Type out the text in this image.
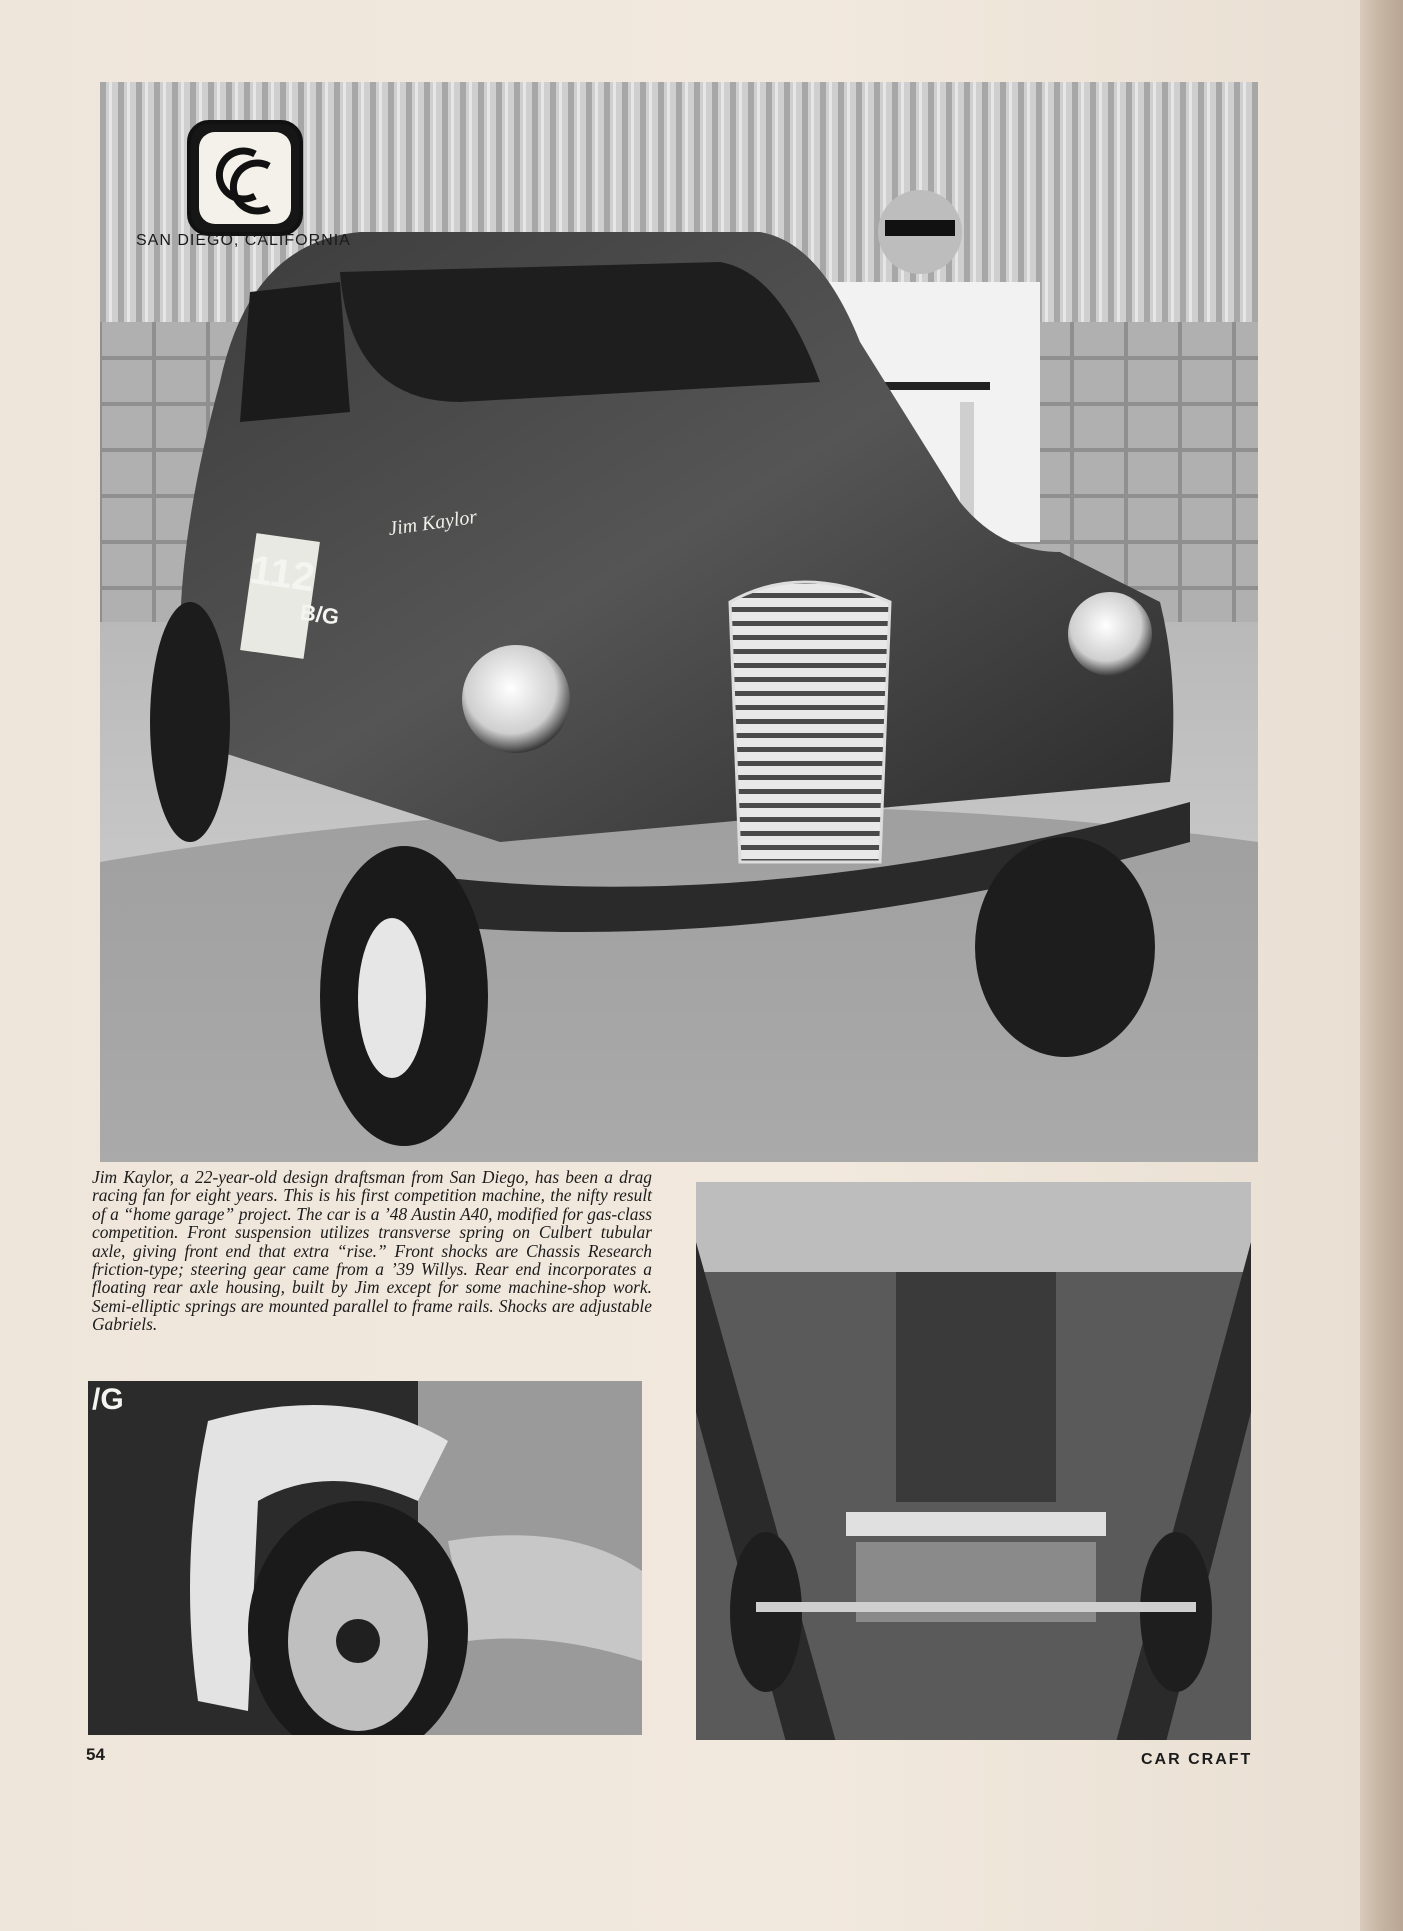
SAN DIEGO, CALIFORNIA
112
B/G
Jim Kaylor

Jim Kaylor, a 22-year-old design draftsman from San Diego, has been a drag racing fan for eight years. This is his first competition machine, the nifty result of a “home garage” project. The car is a ’48 Austin A40, modified for gas-class competition. Front suspension utilizes transverse spring on Culbert tubular axle, giving front end that extra “rise.” Front shocks are Chassis Research friction-type; steering gear came from a ’39 Willys. Rear end incorporates a floating rear axle housing, built by Jim except for some machine-shop work. Semi-elliptic springs are mounted parallel to frame rails. Shocks are adjustable Gabriels.

/G
54	CAR CRAFT
